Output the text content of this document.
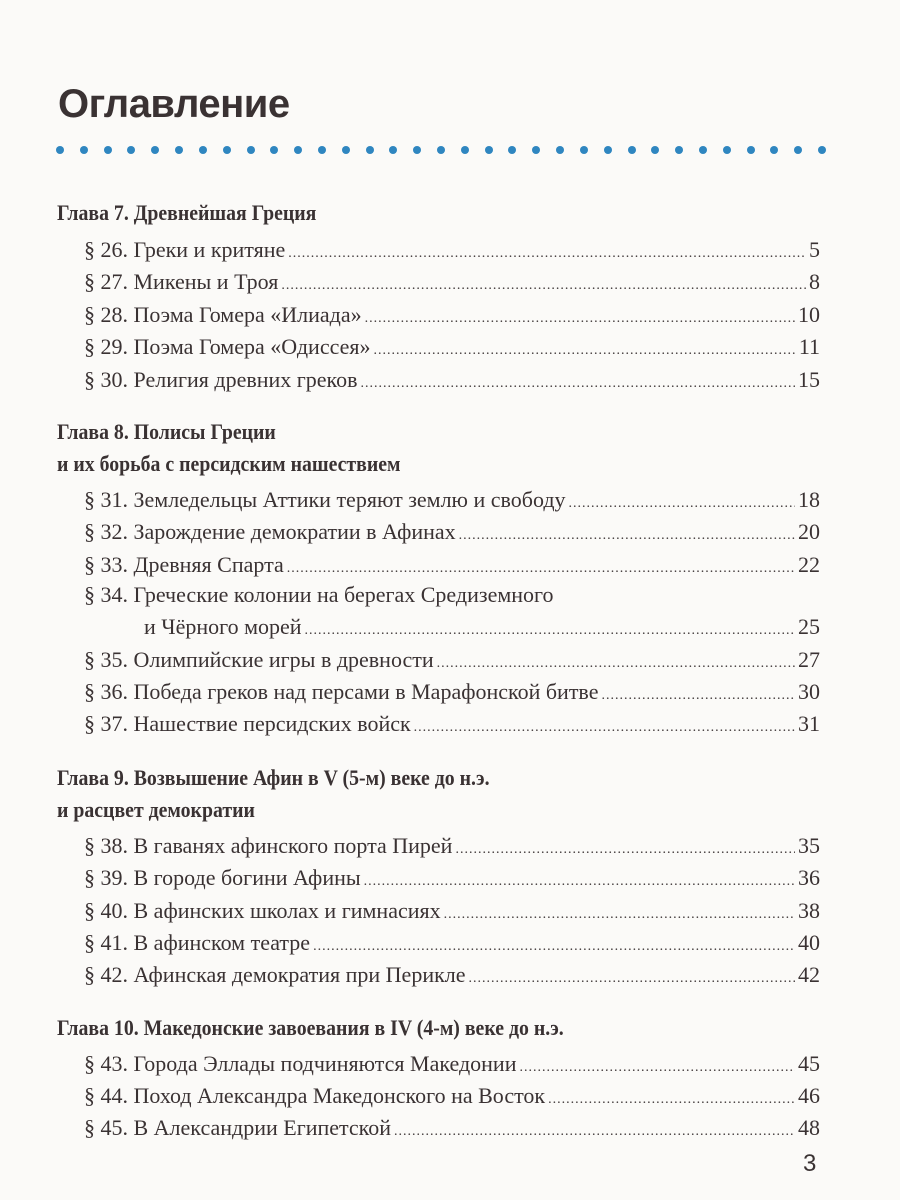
Оглавление
Глава 7. Древнейшая Греция
§ 26. Греки и критяне .....	5
§ 27. Микены и Троя .....	8
§ 28. Поэма Гомера «Илиада» .....	10
§ 29. Поэма Гомера «Одиссея» .....	11
§ 30. Религия древних греков .....	15
Глава 8. Полисы Греции
и их борьба с персидским нашествием
§ 31. Земледельцы Аттики теряют землю и свободу .....	18
§ 32. Зарождение демократии в Афинах .....	20
§ 33. Древняя Спарта .....	22
§ 34. Греческие колонии на берегах Средиземного
и Чёрного морей .....	25
§ 35. Олимпийские игры в древности .....	27
§ 36. Победа греков над персами в Марафонской битве .....	30
§ 37. Нашествие персидских войск .....	31
Глава 9. Возвышение Афин в V (5-м) веке до н.э.
и расцвет демократии
§ 38. В гаванях афинского порта Пирей .....	35
§ 39. В городе богини Афины .....	36
§ 40. В афинских школах и гимнасиях .....	38
§ 41. В афинском театре .....	40
§ 42. Афинская демократия при Перикле .....	42
Глава 10. Македонские завоевания в IV (4-м) веке до н.э.
§ 43. Города Эллады подчиняются Македонии .....	45
§ 44. Поход Александра Македонского на Восток .....	46
§ 45. В Александрии Египетской .....	48
3
